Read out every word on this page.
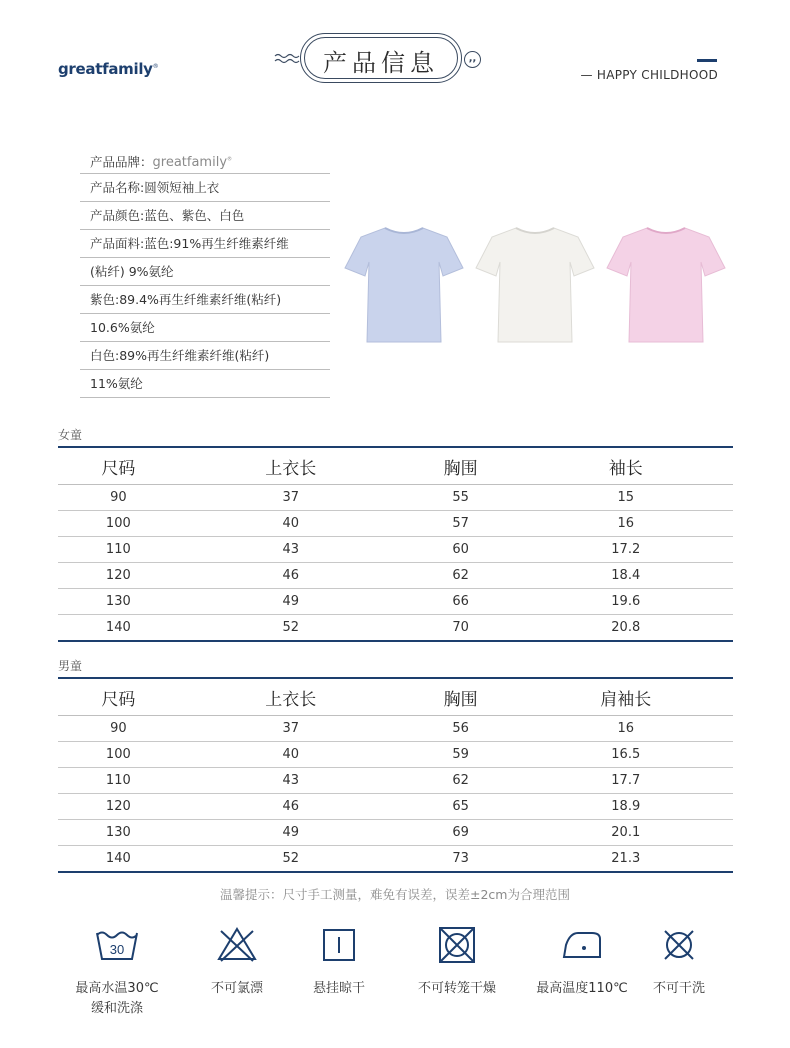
greatfamily®	产品信息	,,
— HAPPY CHILDHOOD
产品品牌：greatfamily®
产品名称:圆领短袖上衣
产品颜色:蓝色、紫色、白色
产品面料:蓝色:91%再生纤维素纤维
(粘纤) 9%氨纶
紫色:89.4%再生纤维素纤维(粘纤)
10.6%氨纶
白色:89%再生纤维素纤维(粘纤)
11%氨纶
女童
尺码	上衣长	胸围	袖长
90	37	55	15
100	40	57	16
110	43	60	17.2
120	46	62	18.4
130	49	66	19.6
140	52	70	20.8
男童
尺码	上衣长	胸围	肩袖长
90	37	56	16
100	40	59	16.5
110	43	62	17.7
120	46	65	18.9
130	49	69	20.1
140	52	73	21.3
温馨提示：尺寸手工测量，难免有误差，误差±2cm为合理范围
30
最高水温30℃
缓和洗涤
不可氯漂	悬挂晾干	不可转笼干燥	最高温度110℃	不可干洗
